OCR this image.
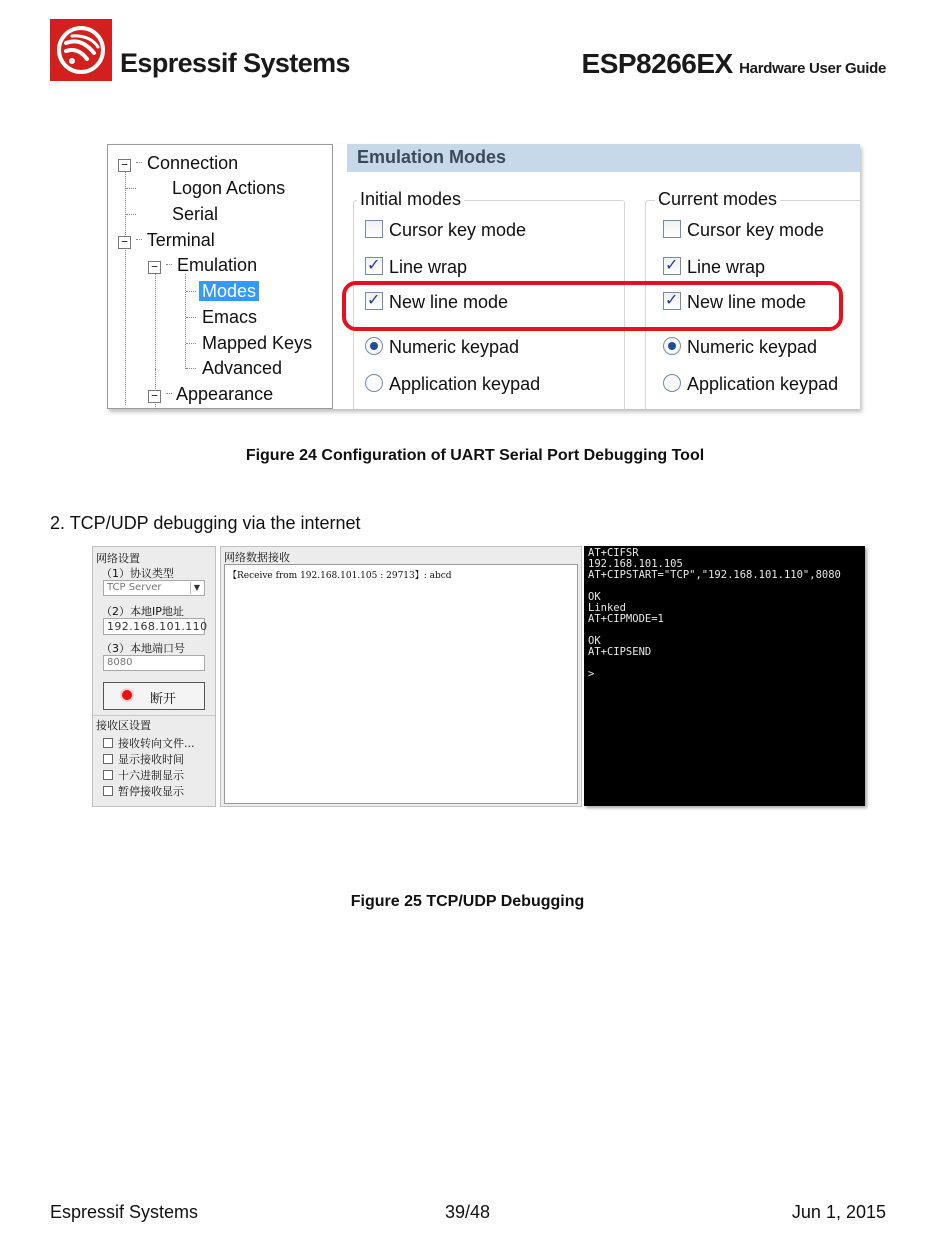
Espressif Systems	ESP8266EX Hardware User Guide
− Connection
Logon Actions
Serial
− Terminal
− Emulation
Modes
Emacs
Mapped Keys
Advanced
− Appearance
Emulation Modes
Initial modes
Cursor key mode
✓Line wrap
✓New line mode
Numeric keypad
Application keypad
Current modes
Cursor key mode
✓Line wrap
✓New line mode
Numeric keypad
Application keypad
Figure 24 Configuration of UART Serial Port Debugging Tool
2. TCP/UDP debugging via the internet
网络设置
（1）协议类型
TCP Server	▼
（2）本地IP地址
192.168.101.110
（3）本地端口号
8080
断开
接收区设置
接收转向文件...
显示接收时间
十六进制显示
暂停接收显示
网络数据接收
【Receive from 192.168.101.105 : 29713】: abcd
AT+CIFSR
192.168.101.105
AT+CIPSTART="TCP","192.168.101.110",8080
OK
Linked
AT+CIPMODE=1
OK
AT+CIPSEND
>
Figure 25 TCP/UDP Debugging
Espressif Systems	39/48	Jun 1, 2015
